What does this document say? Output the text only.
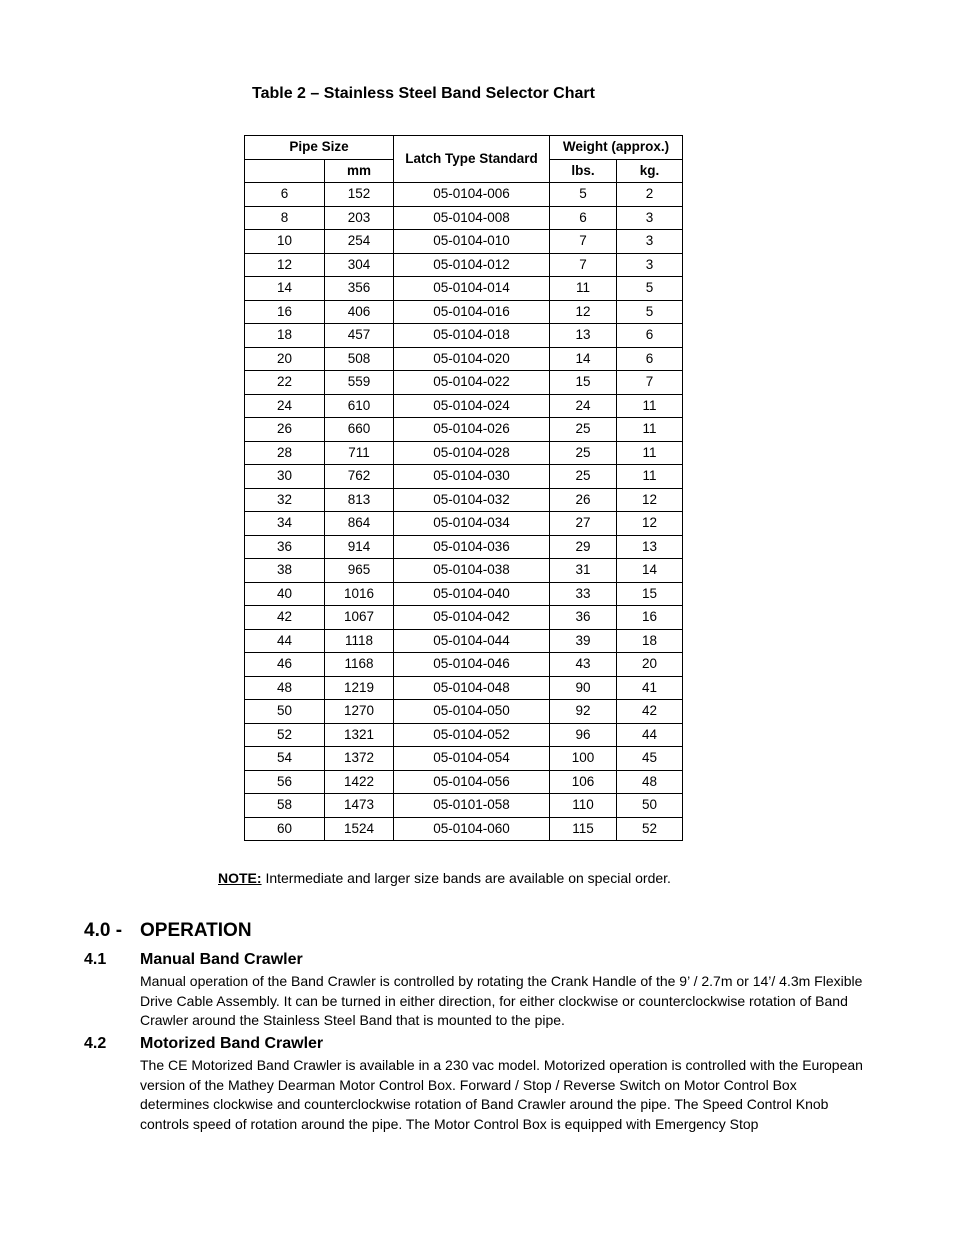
Table 2 – Stainless Steel Band Selector Chart
Pipe Size		Latch Type Standard	Weight (approx.)	
	mm		lbs.	kg.
6	152	05-0104-006	5	2
8	203	05-0104-008	6	3
10	254	05-0104-010	7	3
12	304	05-0104-012	7	3
14	356	05-0104-014	11	5
16	406	05-0104-016	12	5
18	457	05-0104-018	13	6
20	508	05-0104-020	14	6
22	559	05-0104-022	15	7
24	610	05-0104-024	24	11
26	660	05-0104-026	25	11
28	711	05-0104-028	25	11
30	762	05-0104-030	25	11
32	813	05-0104-032	26	12
34	864	05-0104-034	27	12
36	914	05-0104-036	29	13
38	965	05-0104-038	31	14
40	1016	05-0104-040	33	15
42	1067	05-0104-042	36	16
44	1118	05-0104-044	39	18
46	1168	05-0104-046	43	20
48	1219	05-0104-048	90	41
50	1270	05-0104-050	92	42
52	1321	05-0104-052	96	44
54	1372	05-0104-054	100	45
56	1422	05-0104-056	106	48
58	1473	05-0101-058	110	50
60	1524	05-0104-060	115	52
NOTE: Intermediate and larger size bands are available on special order.
4.0 - OPERATION
4.1 Manual Band Crawler
Manual operation of the Band Crawler is controlled by rotating the Crank Handle of the 9’ / 2.7m or 14’/ 4.3m Flexible Drive Cable Assembly. It can be turned in either direction, for either clockwise or counterclockwise rotation of Band Crawler around the Stainless Steel Band that is mounted to the pipe.
4.2 Motorized Band Crawler
The CE Motorized Band Crawler is available in a 230 vac model. Motorized operation is controlled with the European version of the Mathey Dearman Motor Control Box. Forward / Stop / Reverse Switch on Motor Control Box determines clockwise and counterclockwise rotation of Band Crawler around the pipe. The Speed Control Knob controls speed of rotation around the pipe. The Motor Control Box is equipped with Emergency Stop
